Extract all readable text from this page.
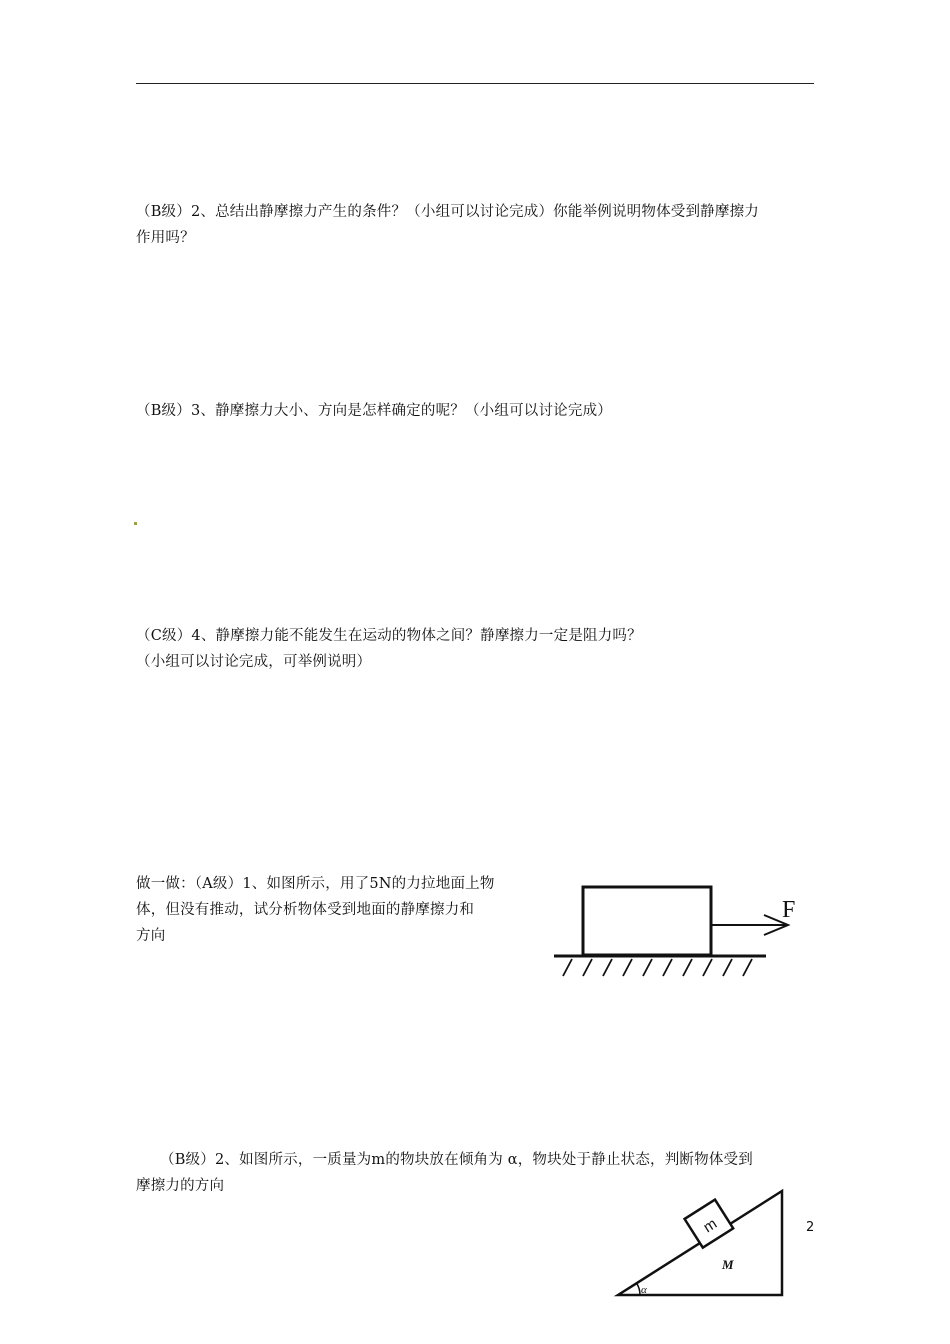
（B级）2、总结出静摩擦力产生的条件？（小组可以讨论完成）你能举例说明物体受到静摩擦力
作用吗？
（B级）3、静摩擦力大小、方向是怎样确定的呢？（小组可以讨论完成）
（C级）4、静摩擦力能不能发生在运动的物体之间？静摩擦力一定是阻力吗？
（小组可以讨论完成，可举例说明）
做一做：（A级）1、如图所示，用了5N的力拉地面上物
体，但没有推动，试分析物体受到地面的静摩擦力和
方向
F
（B级）2、如图所示，一质量为m的物块放在倾角为 α，物块处于静止状态，判断物体受到
摩擦力的方向
m
α
M
2
